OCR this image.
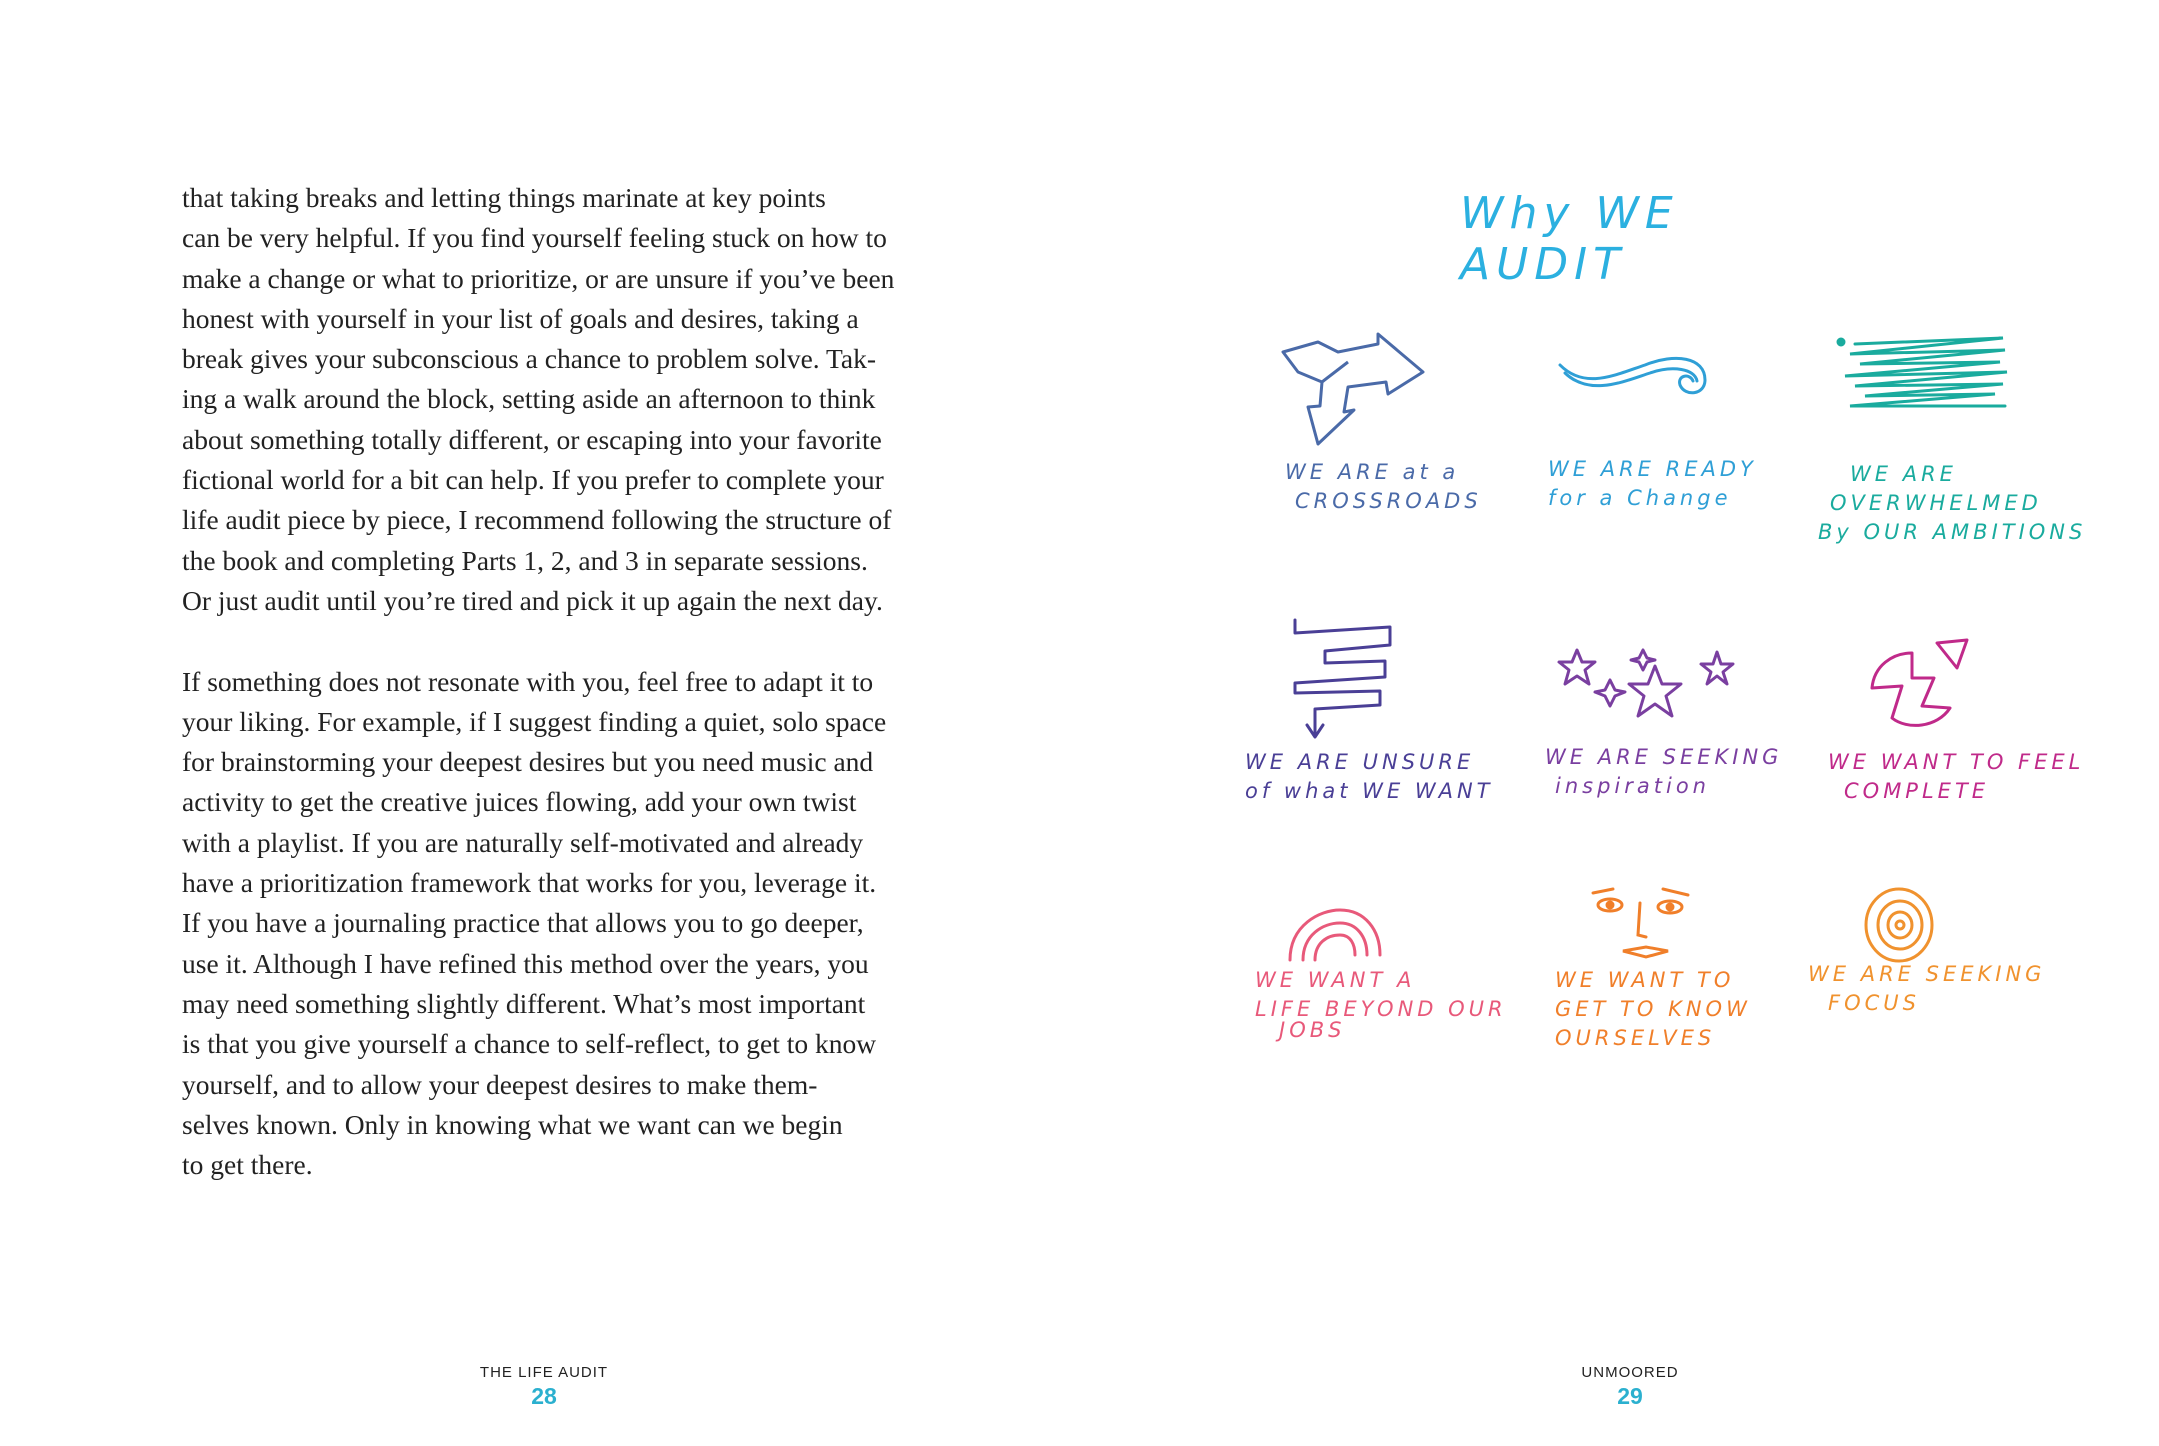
that taking breaks and letting things marinate at key points
can be very helpful. If you find yourself feeling stuck on how to
make a change or what to prioritize, or are unsure if you’ve been
honest with yourself in your list of goals and desires, taking a
break gives your subconscious a chance to problem solve. Tak-
ing a walk around the block, setting aside an afternoon to think
about something totally different, or escaping into your favorite
fictional world for a bit can help. If you prefer to complete your
life audit piece by piece, I recommend following the structure of
the book and completing Parts 1, 2, and 3 in separate sessions.
Or just audit until you’re tired and pick it up again the next day.

If something does not resonate with you, feel free to adapt it to
your liking. For example, if I suggest finding a quiet, solo space
for brainstorming your deepest desires but you need music and
activity to get the creative juices flowing, add your own twist
with a playlist. If you are naturally self-motivated and already
have a prioritization framework that works for you, leverage it.
If you have a journaling practice that allows you to go deeper,
use it. Although I have refined this method over the years, you
may need something slightly different. What’s most important
is that you give yourself a chance to self-reflect, to get to know
yourself, and to allow your deepest desires to make them-
selves known. Only in knowing what we want can we begin
to get there.

THE LIFE AUDIT
28
Why WE AUDIT
WE ARE at a
CROSSROADS
WE ARE READY
for a Change
WE ARE
OVERWHELMED
By OUR AMBITIONS
WE ARE UNSURE
of what WE WANT
WE ARE SEEKING
inspiration
WE WANT TO FEEL
COMPLETE
WE WANT A
LIFE BEYOND OUR
JOBS
WE WANT TO
GET TO KNOW
OURSELVES
WE ARE SEEKING
FOCUS
UNMOORED
29
